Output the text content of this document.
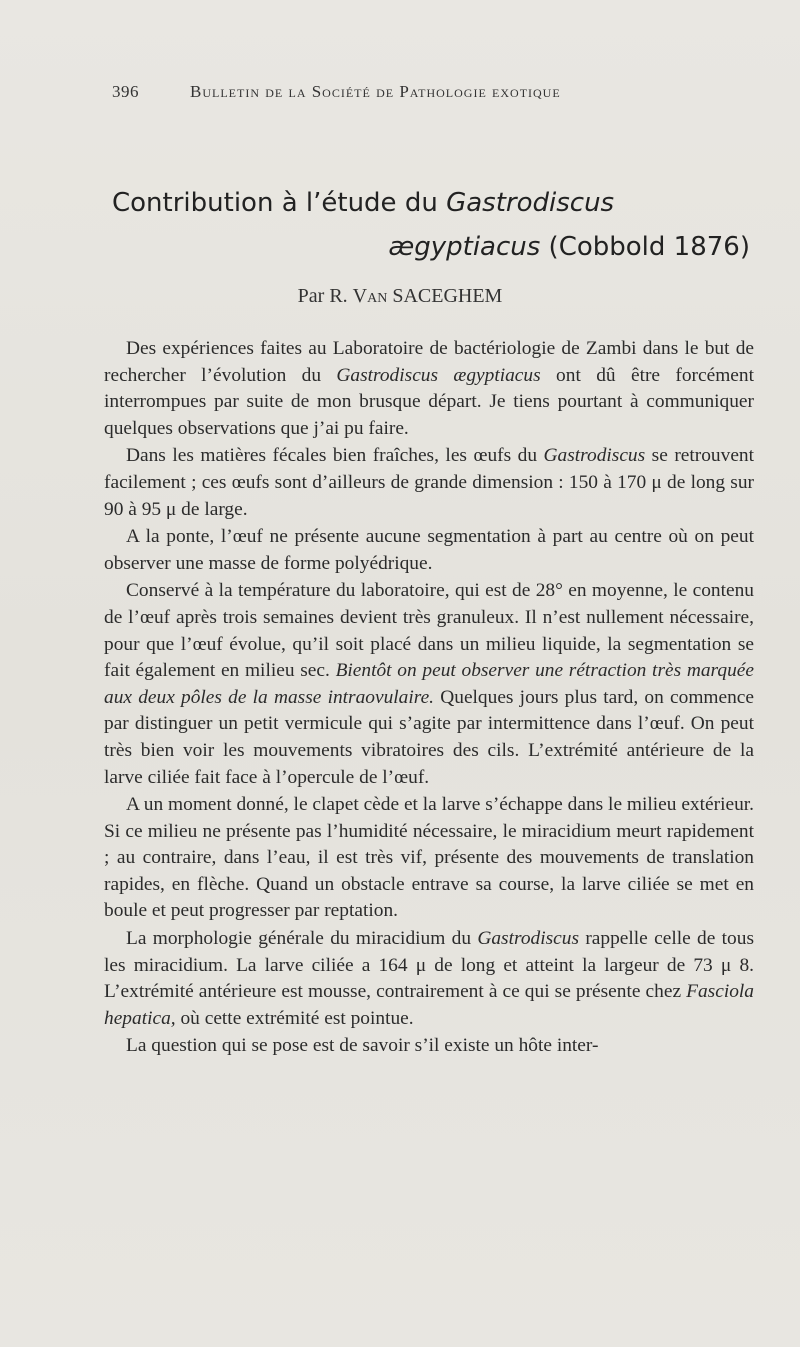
396	Bulletin de la Société de Pathologie exotique
Contribution à l’étude du Gastrodiscus
ægyptiacus (Cobbold 1876)
Par R. Van SACEGHEM

Des expériences faites au Laboratoire de bactériologie de Zambi dans le but de rechercher l’évolution du Gastrodiscus ægyptiacus ont dû être forcément interrompues par suite de mon brusque départ. Je tiens pourtant à communiquer quelques observations que j’ai pu faire.

Dans les matières fécales bien fraîches, les œufs du Gastrodiscus se retrouvent facilement ; ces œufs sont d’ailleurs de grande dimension : 150 à 170 μ de long sur 90 à 95 μ de large.

A la ponte, l’œuf ne présente aucune segmentation à part au centre où on peut observer une masse de forme polyédrique.

Conservé à la température du laboratoire, qui est de 28° en moyenne, le contenu de l’œuf après trois semaines devient très granuleux. Il n’est nullement nécessaire, pour que l’œuf évolue, qu’il soit placé dans un milieu liquide, la segmentation se fait également en milieu sec. Bientôt on peut observer une rétraction très marquée aux deux pôles de la masse intraovulaire. Quelques jours plus tard, on commence par distinguer un petit vermicule qui s’agite par intermittence dans l’œuf. On peut très bien voir les mouvements vibratoires des cils. L’extrémité antérieure de la larve ciliée fait face à l’opercule de l’œuf.

A un moment donné, le clapet cède et la larve s’échappe dans le milieu extérieur. Si ce milieu ne présente pas l’humidité nécessaire, le miracidium meurt rapidement ; au contraire, dans l’eau, il est très vif, présente des mouvements de translation rapides, en flèche. Quand un obstacle entrave sa course, la larve ciliée se met en boule et peut progresser par reptation.

La morphologie générale du miracidium du Gastrodiscus rappelle celle de tous les miracidium. La larve ciliée a 164 μ de long et atteint la largeur de 73 μ 8. L’extrémité antérieure est mousse, contrairement à ce qui se présente chez Fasciola hepatica, où cette extrémité est pointue.

La question qui se pose est de savoir s’il existe un hôte inter-
